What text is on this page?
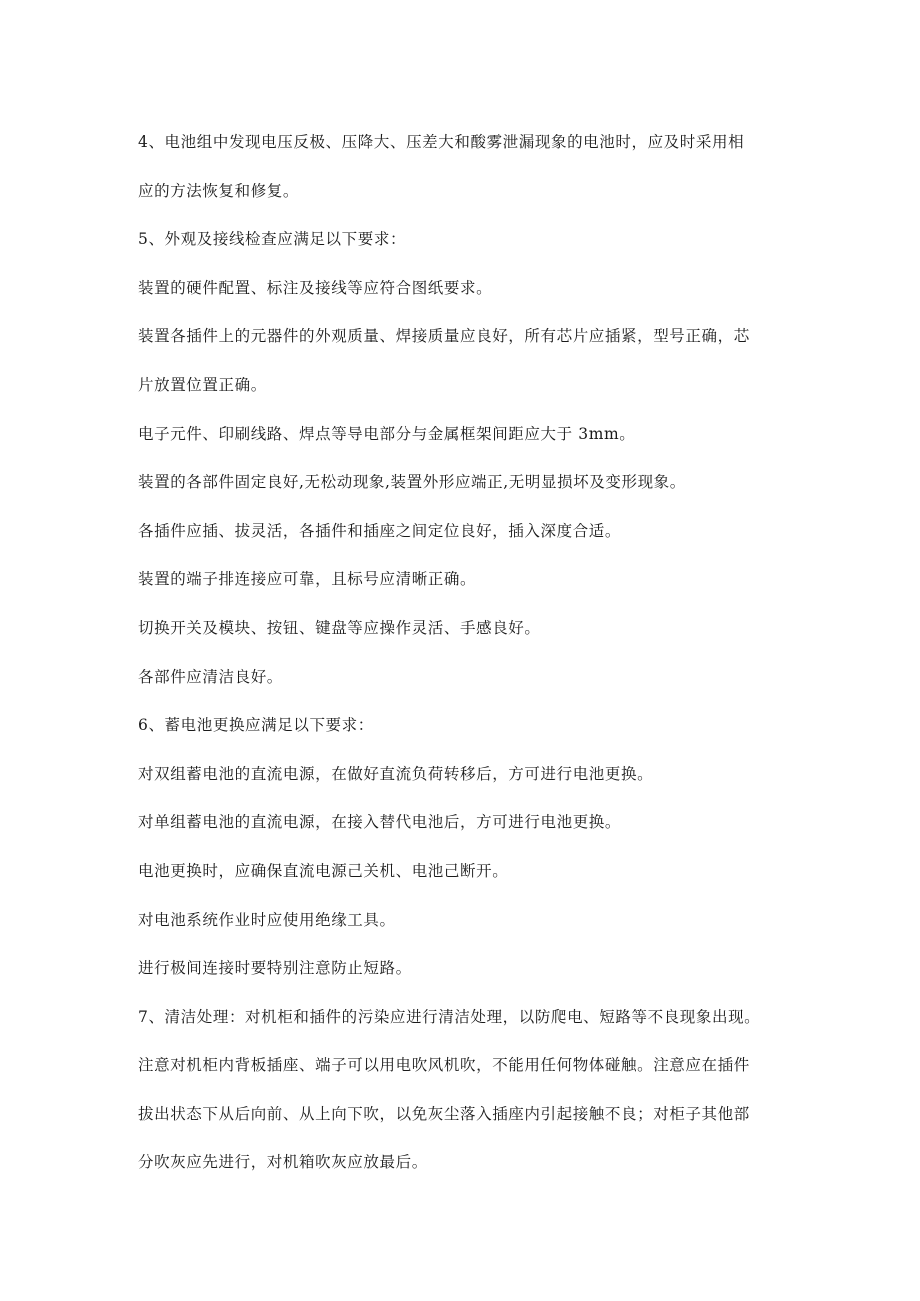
4、电池组中发现电压反极、压降大、压差大和酸雾泄漏现象的电池时，应及时采用相

应的方法恢复和修复。

5、外观及接线检查应满足以下要求：

装置的硬件配置、标注及接线等应符合图纸要求。

装置各插件上的元器件的外观质量、焊接质量应良好，所有芯片应插紧，型号正确，芯

片放置位置正确。

电子元件、印刷线路、焊点等导电部分与金属框架间距应大于 3mm。

装置的各部件固定良好,无松动现象,装置外形应端正,无明显损坏及变形现象。

各插件应插、拔灵活，各插件和插座之间定位良好，插入深度合适。

装置的端子排连接应可靠，且标号应清晰正确。

切换开关及模块、按钮、键盘等应操作灵活、手感良好。

各部件应清洁良好。

6、蓄电池更换应满足以下要求：

对双组蓄电池的直流电源，在做好直流负荷转移后，方可进行电池更换。

对单组蓄电池的直流电源，在接入替代电池后，方可进行电池更换。

电池更换时，应确保直流电源己关机、电池己断开。

对电池系统作业时应使用绝缘工具。

进行极间连接时要特别注意防止短路。

7、清洁处理：对机柜和插件的污染应进行清洁处理，以防爬电、短路等不良现象出现。

注意对机柜内背板插座、端子可以用电吹风机吹，不能用任何物体碰触。注意应在插件

拔出状态下从后向前、从上向下吹，以免灰尘落入插座内引起接触不良；对柜子其他部

分吹灰应先进行，对机箱吹灰应放最后。
